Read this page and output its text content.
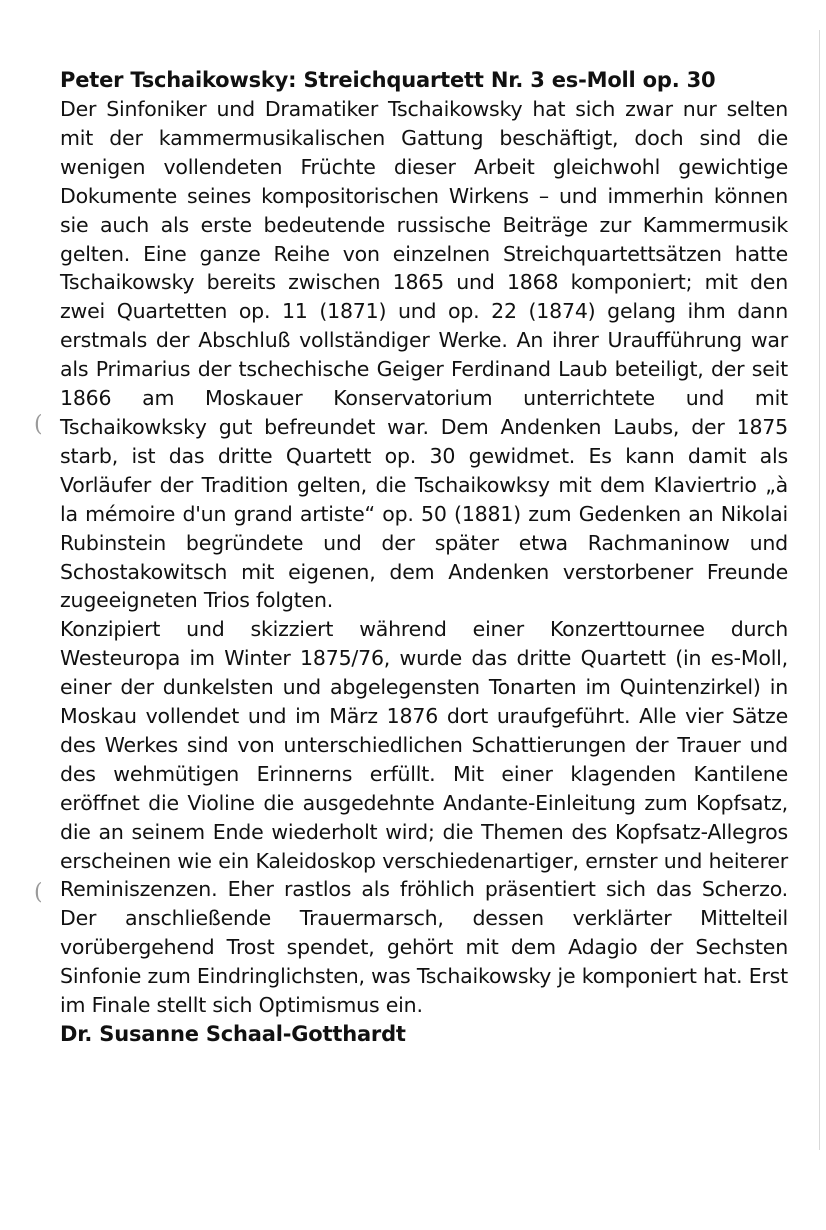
(
(
Peter Tschaikowsky: Streichquartett Nr. 3 es-Moll op. 30

Der Sinfoniker und Dramatiker Tschaikowsky hat sich zwar nur selten mit der kammermusikalischen Gattung beschäftigt, doch sind die wenigen vollendeten Früchte dieser Arbeit gleichwohl gewichtige Dokumente seines kompositorischen Wirkens – und immerhin können sie auch als erste bedeutende russische Beiträge zur Kammermusik gelten. Eine ganze Reihe von einzelnen Streichquartettsätzen hatte Tschaikowsky bereits zwischen 1865 und 1868 komponiert; mit den zwei Quartetten op. 11 (1871) und op. 22 (1874) gelang ihm dann erstmals der Abschluß vollständiger Werke. An ihrer Uraufführung war als Primarius der tschechische Geiger Ferdinand Laub beteiligt, der seit 1866 am Moskauer Konservatorium unterrichtete und mit Tschaikowkskу gut befreundet war. Dem Andenken Laubs, der 1875 starb, ist das dritte Quartett op. 30 gewidmet. Es kann damit als Vorläufer der Tradition gelten, die Tschaikowksy mit dem Klaviertrio „à la mémoire d'un grand artiste“ op. 50 (1881) zum Gedenken an Nikolai Rubinstein begründete und der später etwa Rachmaninow und Schostakowitsch mit eigenen, dem Andenken verstorbener Freunde zugeeigneten Trios folgten.

Konzipiert und skizziert während einer Konzerttournee durch Westeuropa im Winter 1875/76, wurde das dritte Quartett (in es-Moll, einer der dunkelsten und abgelegensten Tonarten im Quintenzirkel) in Moskau vollendet und im März 1876 dort uraufgeführt. Alle vier Sätze des Werkes sind von unterschiedlichen Schattierungen der Trauer und des wehmütigen Erinnerns erfüllt. Mit einer klagenden Kantilene eröffnet die Violine die ausgedehnte Andante-Einleitung zum Kopfsatz, die an seinem Ende wiederholt wird; die Themen des Kopfsatz-Allegros erscheinen wie ein Kaleidoskop verschiedenartiger, ernster und heiterer Reminiszenzen. Eher rastlos als fröhlich präsentiert sich das Scherzo. Der anschließende Trauermarsch, dessen verklärter Mittelteil vorübergehend Trost spendet, gehört mit dem Adagio der Sechsten Sinfonie zum Eindringlichsten, was Tschaikowsky je komponiert hat. Erst im Finale stellt sich Optimismus ein.

Dr. Susanne Schaal-Gotthardt
